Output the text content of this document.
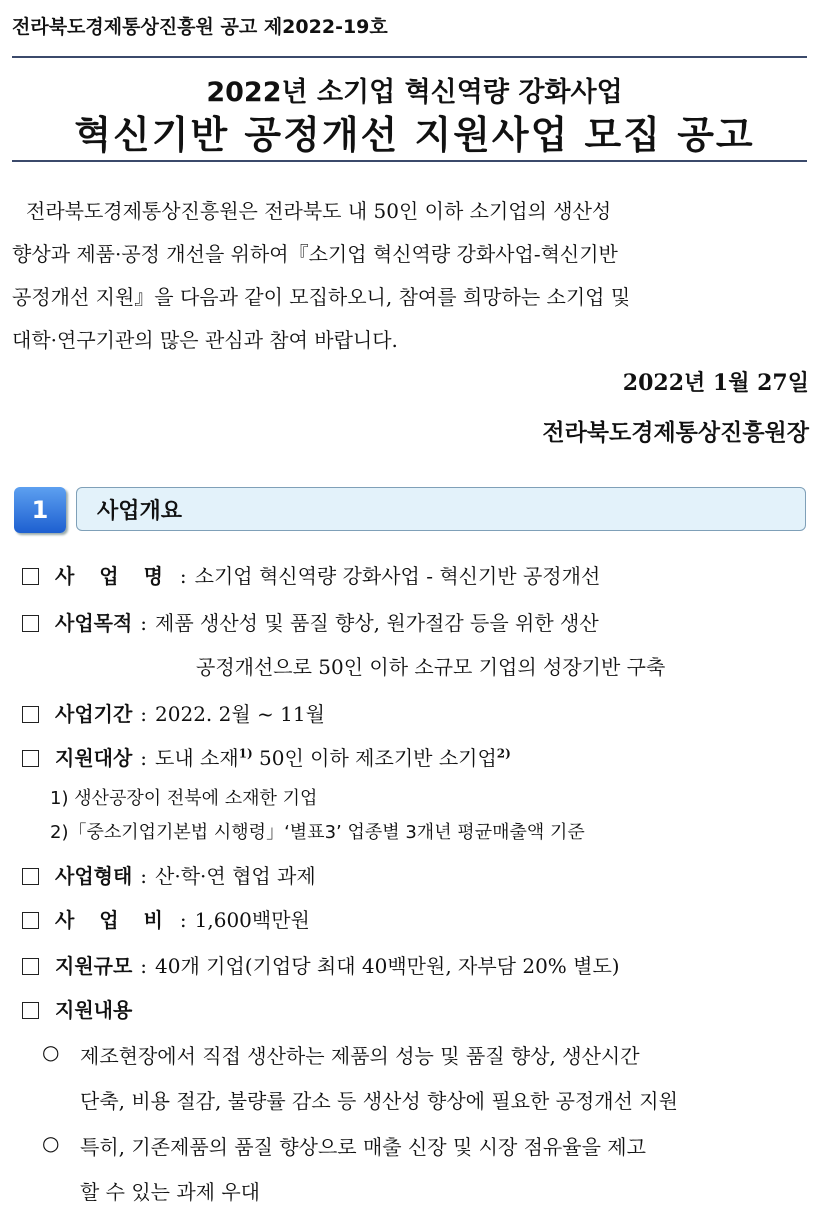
전라북도경제통상진흥원 공고 제2022-19호
2022년 소기업 혁신역량 강화사업
혁신기반 공정개선 지원사업 모집 공고

전라북도경제통상진흥원은 전라북도 내 50인 이하 소기업의 생산성

향상과 제품·공정 개선을 위하여『소기업 혁신역량 강화사업-혁신기반
공정개선 지원』을 다음과 같이 모집하오니, 참여를 희망하는 소기업 및
대학·연구기관의 많은 관심과 참여 바랍니다.
2022년 1월 27일
전라북도경제통상진흥원장
1	사업개요
사 업 명 : 소기업 혁신역량 강화사업 - 혁신기반 공정개선
사업목적 : 제품 생산성 및 품질 향상, 원가절감 등을 위한 생산
공정개선으로 50인 이하 소규모 기업의 성장기반 구축
사업기간 : 2022. 2월 ~ 11월
지원대상 : 도내 소재$^{1)}$ 50인 이하 제조기반 소기업$^{2)}$
1) 생산공장이 전북에 소재한 기업
2)「중소기업기본법 시행령」‘별표3’ 업종별 3개년 평균매출액 기준
사업형태 : 산·학·연 협업 과제
사 업 비 : 1,600백만원
지원규모 : 40개 기업(기업당 최대 40백만원, 자부담 20% 별도)
지원내용
○ 제조현장에서 직접 생산하는 제품의 성능 및 품질 향상, 생산시간
단축, 비용 절감, 불량률 감소 등 생산성 향상에 필요한 공정개선 지원
○ 특히, 기존제품의 품질 향상으로 매출 신장 및 시장 점유율을 제고
할 수 있는 과제 우대
